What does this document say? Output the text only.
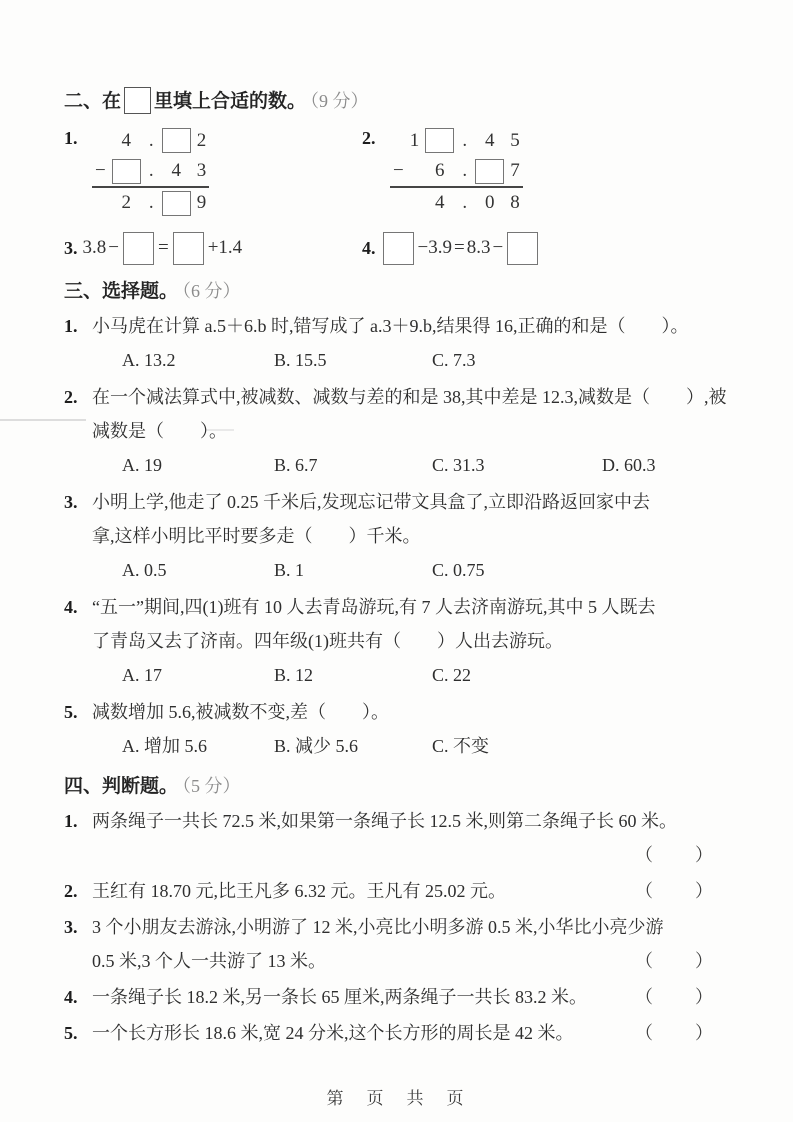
二、在 里填上合适的数。 （9 分）
1.
		4	.		2
−		.	4	3
	2	.		9
2.
		1		.	4	5
−		6	.		7
		4	.	0	8
3. 3.8 − = +1.4	4. −3.9 = 8.3 −
三、选择题。 （6 分）
1. 小马虎在计算 a.5＋6.b 时,错写成了 a.3＋9.b,结果得 16,正确的和是（　　）。
A. 13.2	B. 15.5	C. 7.3
2. 在一个减法算式中,被减数、减数与差的和是 38,其中差是 12.3,减数是（　　）,被
减数是（　　）。
A. 19	B. 6.7	C. 31.3	D. 60.3
3. 小明上学,他走了 0.25 千米后,发现忘记带文具盒了,立即沿路返回家中去
拿,这样小明比平时要多走（　　）千米。
A. 0.5	B. 1	C. 0.75
4. “五一”期间,四(1)班有 10 人去青岛游玩,有 7 人去济南游玩,其中 5 人既去
了青岛又去了济南。四年级(1)班共有（　　）人出去游玩。
A. 17	B. 12	C. 22
5. 减数增加 5.6,被减数不变,差（　　）。
A. 增加 5.6	B. 减少 5.6	C. 不变
四、判断题。 （5 分）
1. 两条绳子一共长 72.5 米,如果第一条绳子长 12.5 米,则第二条绳子长 60 米。
（　　）
2. 王红有 18.70 元,比王凡多 6.32 元。王凡有 25.02 元。	（　　）
3. 3 个小朋友去游泳,小明游了 12 米,小亮比小明多游 0.5 米,小华比小亮少游
0.5 米,3 个人一共游了 13 米。	（　　）
4. 一条绳子长 18.2 米,另一条长 65 厘米,两条绳子一共长 83.2 米。	（　　）
5. 一个长方形长 18.6 米,宽 24 分米,这个长方形的周长是 42 米。	（　　）
第　页　共　页
